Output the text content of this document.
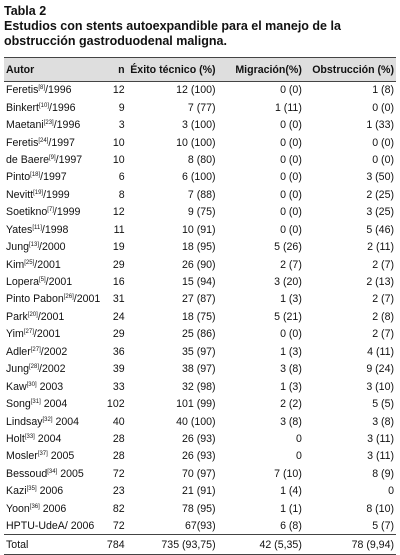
Tabla 2
Estudios con stents autoexpandible para el manejo de la
obstrucción gastroduodenal maligna.
Autor	n	Éxito técnico (%)	Migración(%)	Obstrucción (%)
Feretis[8]/1996	12	12 (100)	0 (0)	1 (8)
Binkert[10]/1996	9	7 (77)	1 (11)	0 (0)
Maetani[23]/1996	3	3 (100)	0 (0)	1 (33)
Feretis[24]/1997	10	10 (100)	0 (0)	0 (0)
de Baere[9]/1997	10	8 (80)	0 (0)	0 (0)
Pinto[18]/1997	6	6 (100)	0 (0)	3 (50)
Nevitt[19]/1999	8	7 (88)	0 (0)	2 (25)
Soetikno[7]/1999	12	9 (75)	0 (0)	3 (25)
Yates[11]/1998	11	10 (91)	0 (0)	5 (46)
Jung[13]/2000	19	18 (95)	5 (26)	2 (11)
Kim[25]/2001	29	26 (90)	2 (7)	2 (7)
Lopera[5]/2001	16	15 (94)	3 (20)	2 (13)
Pinto Pabon[26]/2001	31	27 (87)	1 (3)	2 (7)
Park[20]/2001	24	18 (75)	5 (21)	2 (8)
Yim[27]/2001	29	25 (86)	0 (0)	2 (7)
Adler[27]/2002	36	35 (97)	1 (3)	4 (11)
Jung[28]/2002	39	38 (97)	3 (8)	9 (24)
Kaw[30] 2003	33	32 (98)	1 (3)	3 (10)
Song[31] 2004	102	101 (99)	2 (2)	5 (5)
Lindsay[32] 2004	40	40 (100)	3 (8)	3 (8)
Holt[33] 2004	28	26 (93)	0	3 (11)
Mosler[37] 2005	28	26 (93)	0	3 (11)
Bessoud[34] 2005	72	70 (97)	7 (10)	8 (9)
Kazi[35] 2006	23	21 (91)	1 (4)	0
Yoon[36] 2006	82	78 (95)	1 (1)	8 (10)
HPTU-UdeA/ 2006	72	67(93)	6 (8)	5 (7)
Total	784	735 (93,75)	42 (5,35)	78 (9,94)
